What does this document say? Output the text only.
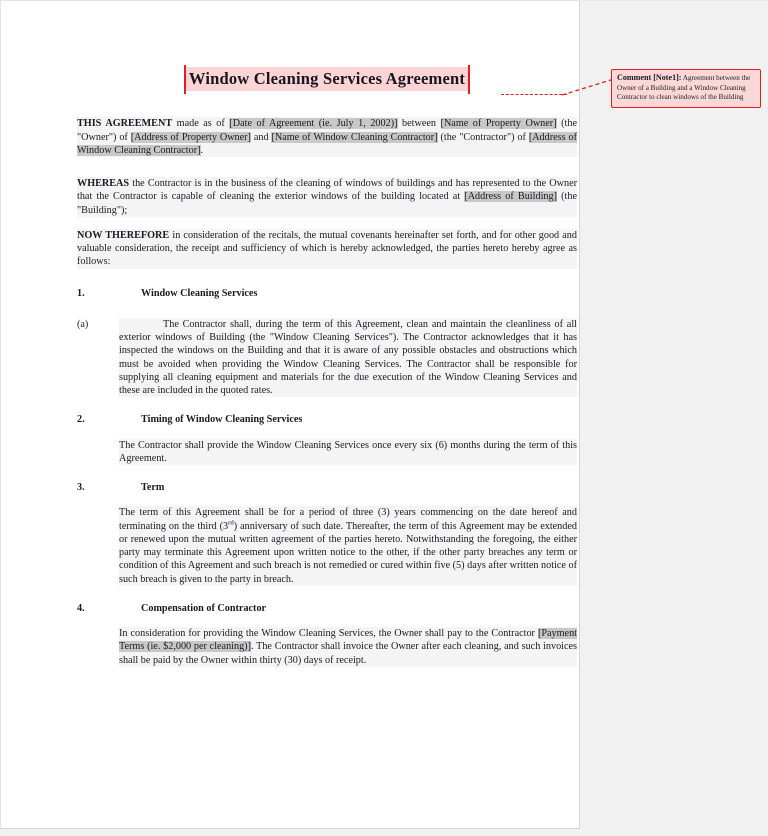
Window Cleaning Services Agreement

THIS AGREEMENT made as of [Date of Agreement (ie. July 1, 2002)] between [Name of Property Owner] (the "Owner") of [Address of Property Owner] and [Name of Window Cleaning Contractor] (the "Contractor") of [Address of Window Cleaning Contractor].

WHEREAS the Contractor is in the business of the cleaning of windows of buildings and has represented to the Owner that the Contractor is capable of cleaning the exterior windows of the building located at [Address of Building] (the "Building");

NOW THEREFORE in consideration of the recitals, the mutual covenants hereinafter set forth, and for other good and valuable consideration, the receipt and sufficiency of which is hereby acknowledged, the parties hereto hereby agree as follows:

1.	Window Cleaning Services
(a)	The Contractor shall, during the term of this Agreement, clean and maintain the cleanliness of all exterior windows of Building (the "Window Cleaning Services"). The Contractor acknowledges that it has inspected the windows on the Building and that it is aware of any possible obstacles and obstructions which must be avoided when providing the Window Cleaning Services. The Contractor shall be responsible for supplying all cleaning equipment and materials for the due execution of the Window Cleaning Services and these are included in the quoted rates.
2.	Timing of Window Cleaning Services
The Contractor shall provide the Window Cleaning Services once every six (6) months during the term of this Agreement.
3.	Term
The term of this Agreement shall be for a period of three (3) years commencing on the date hereof and terminating on the third (3rd) anniversary of such date. Thereafter, the term of this Agreement may be extended or renewed upon the mutual written agreement of the parties hereto. Notwithstanding the foregoing, the either party may terminate this Agreement upon written notice to the other, if the other party breaches any term or condition of this Agreement and such breach is not remedied or cured within five (5) days after written notice of such breach is given to the party in breach.
4.	Compensation of Contractor
In consideration for providing the Window Cleaning Services, the Owner shall pay to the Contractor [Payment Terms (ie. $2,000 per cleaning)]. The Contractor shall invoice the Owner after each cleaning, and such invoices shall be paid by the Owner within thirty (30) days of receipt.
Comment [Note1]: Agreement between the Owner of a Building and a Window Cleaning Contractor to clean windows of the Building
